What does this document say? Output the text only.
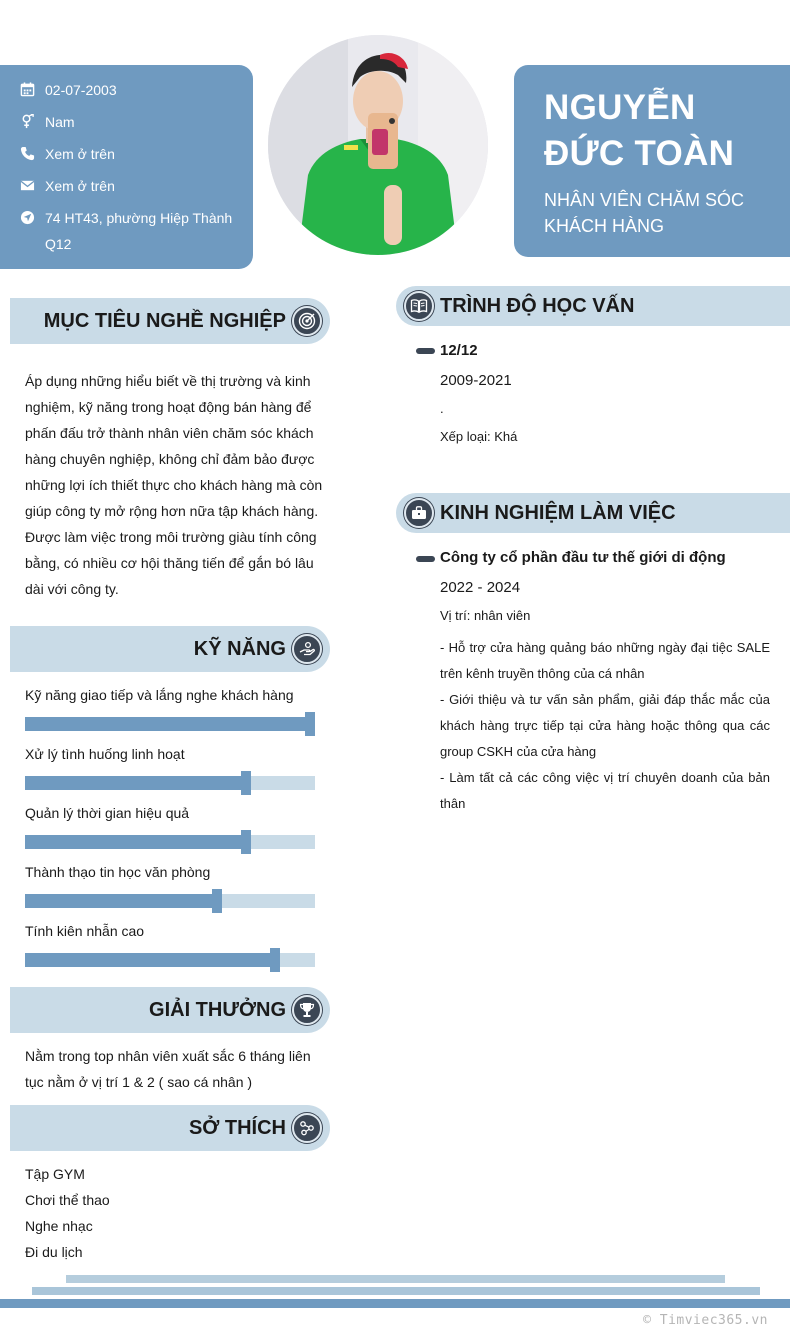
02-07-2003
Nam
Xem ở trên
Xem ở trên
74 HT43, phường Hiệp Thành Q12
NGUYỄN ĐỨC TOÀN
NHÂN VIÊN CHĂM SÓC KHÁCH HÀNG
MỤC TIÊU NGHỀ NGHIỆP
Áp dụng những hiểu biết về thị trường và kinh nghiệm, kỹ năng trong hoạt động bán hàng để phấn đấu trở thành nhân viên chăm sóc khách hàng chuyên nghiệp, không chỉ đảm bảo được những lợi ích thiết thực cho khách hàng mà còn giúp công ty mở rộng hơn nữa tập khách hàng. Được làm việc trong môi trường giàu tính công bằng, có nhiều cơ hội thăng tiến để gắn bó lâu dài với công ty.
KỸ NĂNG
Kỹ năng giao tiếp và lắng nghe khách hàng
Xử lý tình huống linh hoạt
Quản lý thời gian hiệu quả
Thành thạo tin học văn phòng
Tính kiên nhẫn cao
GIẢI THƯỞNG
Nằm trong top nhân viên xuất sắc 6 tháng liên tục nằm ở vị trí 1 & 2 ( sao cá nhân )
SỞ THÍCH
Tập GYM
Chơi thể thao
Nghe nhạc
Đi du lịch
TRÌNH ĐỘ HỌC VẤN
12/12
2009-2021
.
Xếp loại: Khá
KINH NGHIỆM LÀM VIỆC
Công ty cổ phần đầu tư thế giới di động
2022 - 2024
Vị trí: nhân viên

- Hỗ trợ cửa hàng quảng báo những ngày đại tiệc SALE trên kênh truyền thông của cá nhân

- Giới thiệu và tư vấn sản phẩm, giải đáp thắc mắc của khách hàng trực tiếp tại cửa hàng hoặc thông qua các group CSKH của cửa hàng

- Làm tất cả các công việc vị trí chuyên doanh của bản thân

© Timviec365.vn
